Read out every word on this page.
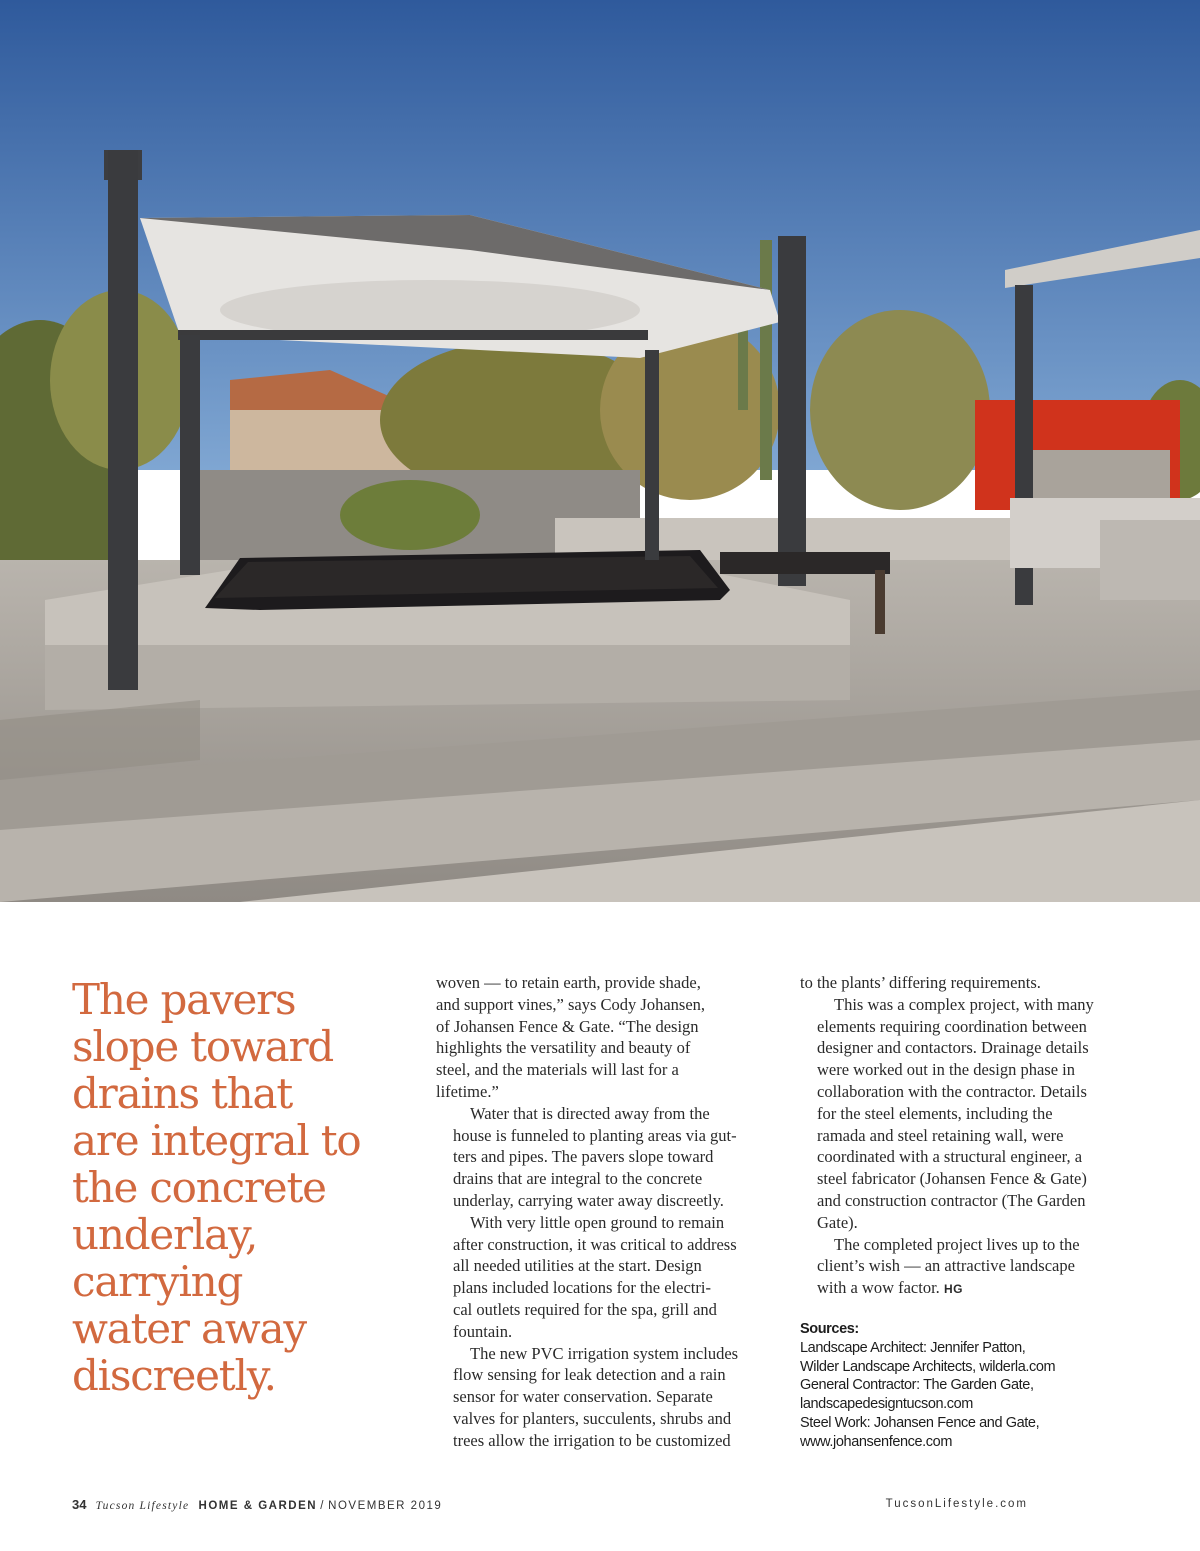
The pavers
slope toward
drains that
are integral to
the concrete
underlay,
carrying
water away
discreetly.

woven — to retain earth, provide shade,
and support vines,” says Cody Johansen,
of Johansen Fence & Gate. “The design
highlights the versatility and beauty of
steel, and the materials will last for a
lifetime.”

Water that is directed away from the
house is funneled to planting areas via gut-
ters and pipes. The pavers slope toward
drains that are integral to the concrete
underlay, carrying water away discreetly.

With very little open ground to remain
after construction, it was critical to address
all needed utilities at the start. Design
plans included locations for the electri-
cal outlets required for the spa, grill and
fountain.

The new PVC irrigation system includes
flow sensing for leak detection and a rain
sensor for water conservation. Separate
valves for planters, succulents, shrubs and
trees allow the irrigation to be customized

to the plants’ differing requirements.

This was a complex project, with many
elements requiring coordination between
designer and contactors. Drainage details
were worked out in the design phase in
collaboration with the contractor. Details
for the steel elements, including the
ramada and steel retaining wall, were
coordinated with a structural engineer, a
steel fabricator (Johansen Fence & Gate)
and construction contractor (The Garden
Gate).

The completed project lives up to the
client’s wish — an attractive landscape
with a wow factor. HG

Sources:
Landscape Architect: Jennifer Patton,
Wilder Landscape Architects, wilderla.com
General Contractor: The Garden Gate,
landscapedesigntucson.com
Steel Work: Johansen Fence and Gate,
www.johansenfence.com
34 Tucson Lifestyle HOME & GARDEN / NOVEMBER 2019	TucsonLifestyle.com
